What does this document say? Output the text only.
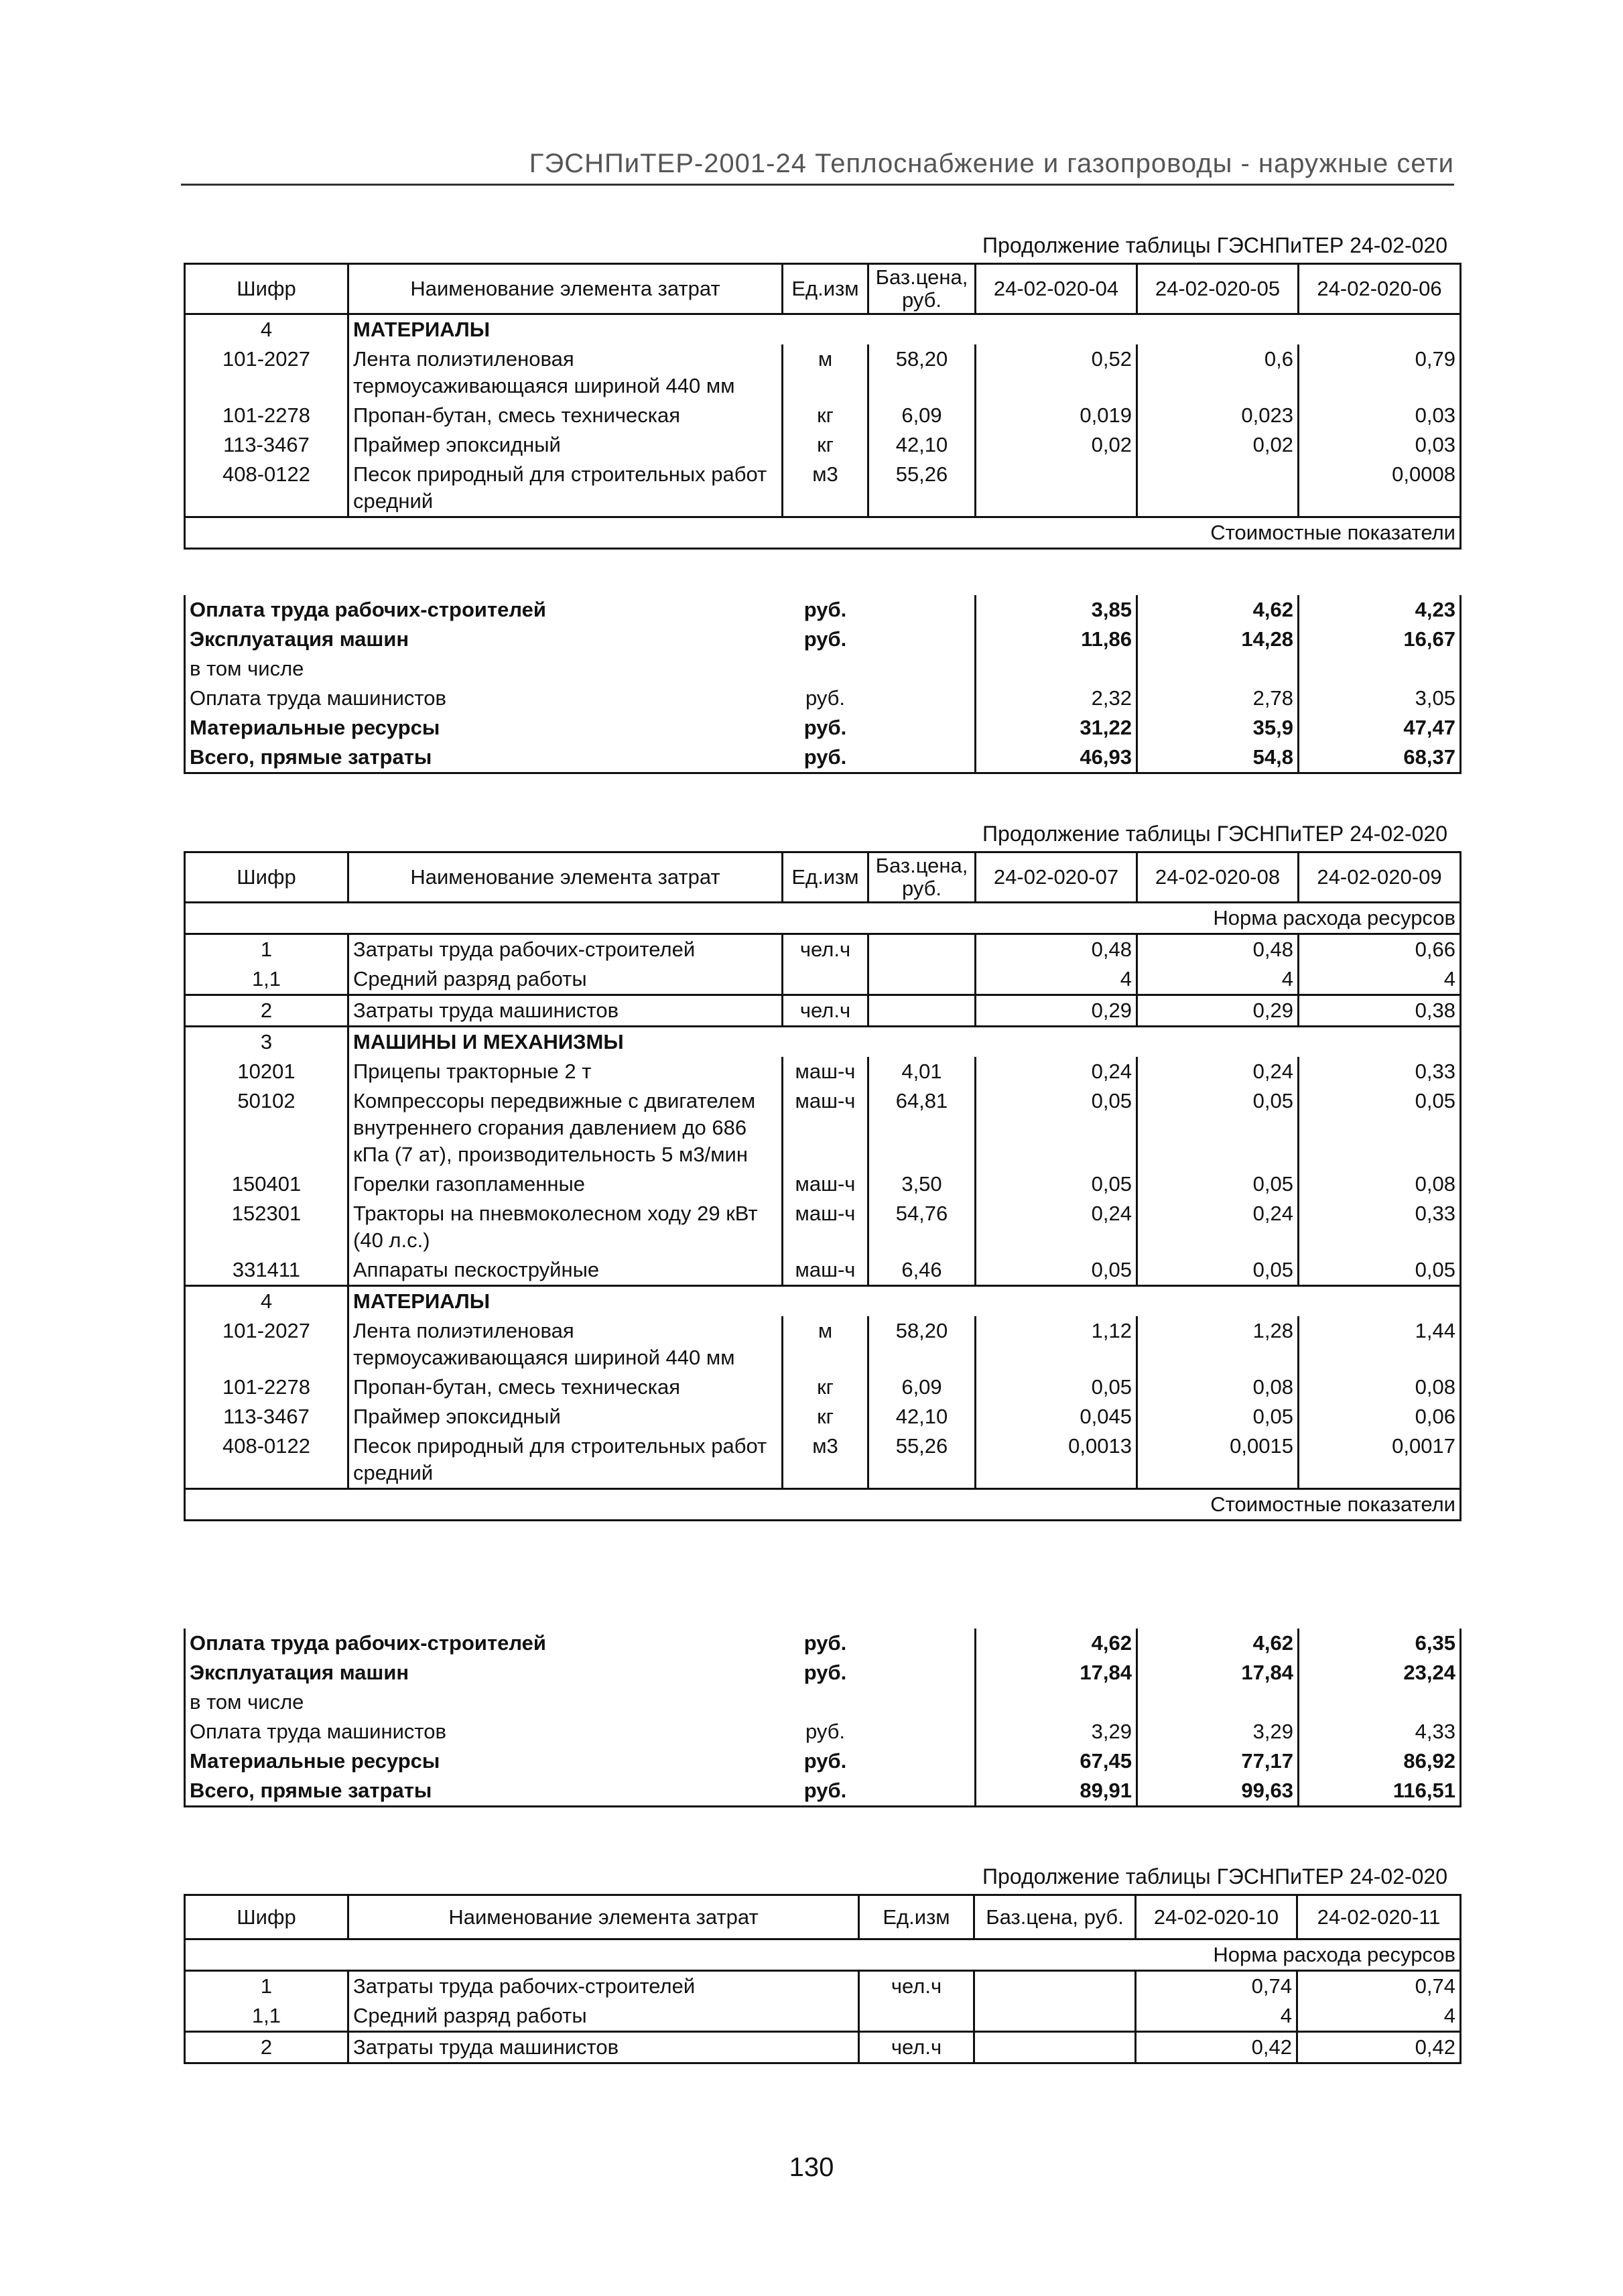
ГЭСНПиТЕР-2001-24 Теплоснабжение и газопроводы - наружные сети
Продолжение таблицы ГЭСНПиТЕР 24-02-020
Шифр	Наименование элемента затрат	Ед.изм	Баз.цена, руб.	24-02-020-04	24-02-020-05	24-02-020-06
4	МАТЕРИАЛЫ					
101-2027	Лента полиэтиленовая термоусаживающаяся шириной 440 мм	м	58,20	0,52	0,6	0,79
101-2278	Пропан-бутан, смесь техническая	кг	6,09	0,019	0,023	0,03
113-3467	Праймер эпоксидный	кг	42,10	0,02	0,02	0,03
408-0122	Песок природный для строительных работ средний	м3	55,26			0,0008
Стоимостные показатели						
Оплата труда рабочих-строителей	руб.		3,85	4,62	4,23
Эксплуатация машин	руб.		11,86	14,28	16,67
в том числе					
Оплата труда машинистов	руб.		2,32	2,78	3,05
Материальные ресурсы	руб.		31,22	35,9	47,47
Всего, прямые затраты	руб.		46,93	54,8	68,37
Продолжение таблицы ГЭСНПиТЕР 24-02-020
Шифр	Наименование элемента затрат	Ед.изм	Баз.цена, руб.	24-02-020-07	24-02-020-08	24-02-020-09
Норма расхода ресурсов						
1	Затраты труда рабочих-строителей	чел.ч		0,48	0,48	0,66
1,1	Средний разряд работы			4	4	4
2	Затраты труда машинистов	чел.ч		0,29	0,29	0,38
3	МАШИНЫ И МЕХАНИЗМЫ					
10201	Прицепы тракторные 2 т	маш-ч	4,01	0,24	0,24	0,33
50102	Компрессоры передвижные с двигателем внутреннего сгорания давлением до 686 кПа (7 ат), производительность 5 м3/мин	маш-ч	64,81	0,05	0,05	0,05
150401	Горелки газопламенные	маш-ч	3,50	0,05	0,05	0,08
152301	Тракторы на пневмоколесном ходу 29 кВт (40 л.с.)	маш-ч	54,76	0,24	0,24	0,33
331411	Аппараты пескоструйные	маш-ч	6,46	0,05	0,05	0,05
4	МАТЕРИАЛЫ					
101-2027	Лента полиэтиленовая термоусаживающаяся шириной 440 мм	м	58,20	1,12	1,28	1,44
101-2278	Пропан-бутан, смесь техническая	кг	6,09	0,05	0,08	0,08
113-3467	Праймер эпоксидный	кг	42,10	0,045	0,05	0,06
408-0122	Песок природный для строительных работ средний	м3	55,26	0,0013	0,0015	0,0017
Стоимостные показатели						
Оплата труда рабочих-строителей	руб.		4,62	4,62	6,35
Эксплуатация машин	руб.		17,84	17,84	23,24
в том числе					
Оплата труда машинистов	руб.		3,29	3,29	4,33
Материальные ресурсы	руб.		67,45	77,17	86,92
Всего, прямые затраты	руб.		89,91	99,63	116,51
Продолжение таблицы ГЭСНПиТЕР 24-02-020
Шифр	Наименование элемента затрат	Ед.изм	Баз.цена, руб.	24-02-020-10	24-02-020-11
Норма расхода ресурсов					
1	Затраты труда рабочих-строителей	чел.ч		0,74	0,74
1,1	Средний разряд работы			4	4
2	Затраты труда машинистов	чел.ч		0,42	0,42
130
